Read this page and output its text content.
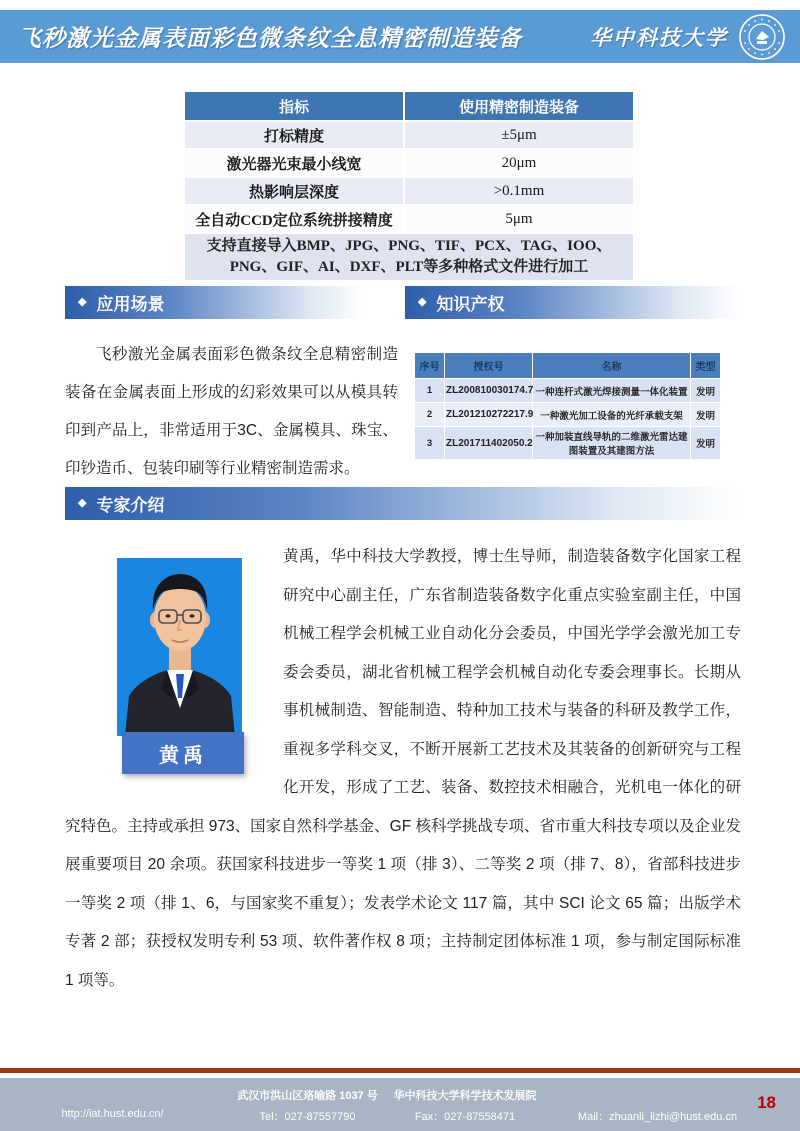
飞秒激光金属表面彩色微条纹全息精密制造装备	华中科技大学
指标	使用精密制造装备
打标精度	±5μm
激光器光束最小线宽	20μm
热影响层深度	>0.1mm
全自动CCD定位系统拼接精度	5μm
支持直接导入BMP、JPG、PNG、TIF、PCX、TAG、IOO、PNG、GIF、AI、DXF、PLT等多种格式文件进行加工	
◆ 应用场景	◆ 知识产权
飞秒激光金属表面彩色微条纹全息精密制造装备在金属表面上形成的幻彩效果可以从模具转印到产品上，非常适用于3C、金属模具、珠宝、印钞造币、包装印刷等行业精密制造需求。
序号	授权号	名称	类型
1	ZL200810030174.7	一种连杆式激光焊接测量一体化装置	发明
2	ZL201210272217.9	一种激光加工设备的光纤承载支架	发明
3	ZL201711402050.2	一种加装直线导轨的二维激光雷达建图装置及其建图方法	发明
◆ 专家介绍
黄禹
黄禹，华中科技大学教授，博士生导师，制造装备数字化国家工程研究中心副主任，广东省制造装备数字化重点实验室副主任，中国机械工程学会机械工业自动化分会委员，中国光学学会激光加工专委会委员，湖北省机械工程学会机械自动化专委会理事长。长期从事机械制造、智能制造、特种加工技术与装备的科研及教学工作，重视多学科交叉，不断开展新工艺技术及其装备的创新研究与工程化开发，形成了工艺、装备、数控技术相融合，光机电一体化的研究特色。主持或承担 973、国家自然科学基金、GF 核科学挑战专项、省市重大科技专项以及企业发展重要项目 20 余项。获国家科技进步一等奖 1 项（排 3）、二等奖 2 项（排 7、8），省部科技进步一等奖 2 项（排 1、6，与国家奖不重复）；发表学术论文 117 篇，其中 SCI 论文 65 篇；出版学术专著 2 部；获授权发明专利 53 项、软件著作权 8 项；主持制定团体标准 1 项，参与制定国际标准 1 项等。
武汉市洪山区珞喻路 1037 号	华中科技大学科学技术发展院
http://iat.hust.edu.cn/	Tel：027-87557790	Fax：027-87558471	Mail：zhuanli_lizhi@hust.edu.cn
18
